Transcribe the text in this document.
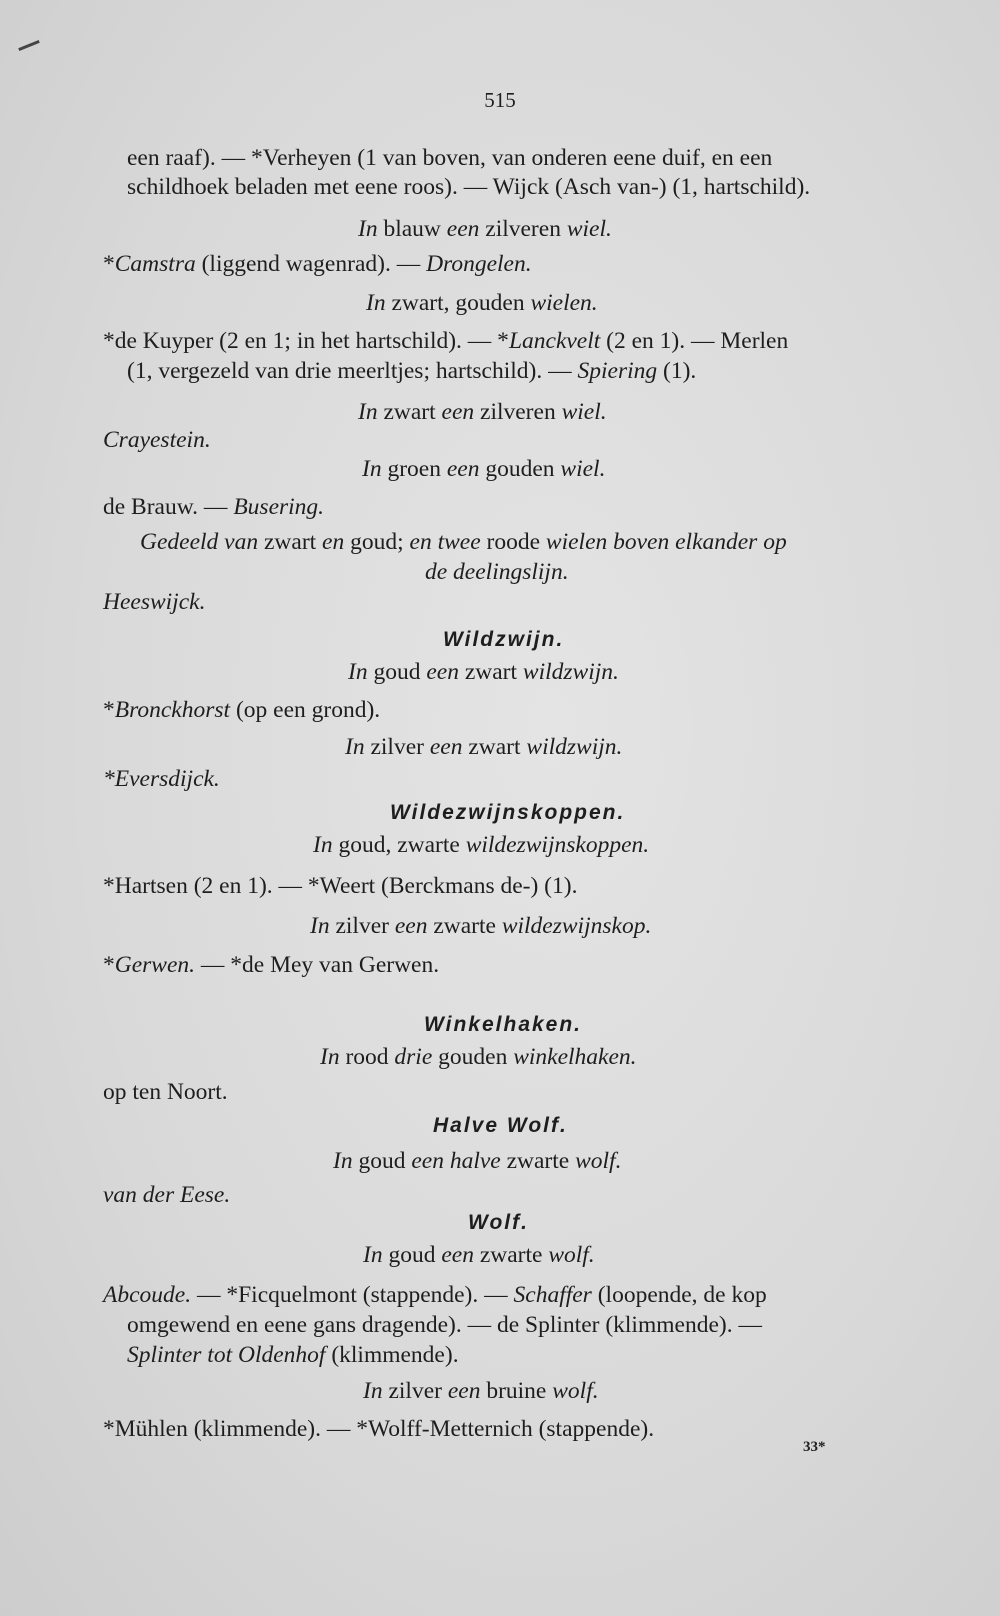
515

een raaf). — *Verheyen (1 van boven, van onderen eene duif, en een

schildhoek beladen met eene roos). — Wijck (Asch van-) (1, hartschild).

In blauw een zilveren wiel.

*Camstra (liggend wagenrad). — Drongelen.

In zwart, gouden wielen.

*de Kuyper (2 en 1; in het hartschild). — *Lanckvelt (2 en 1). — Merlen

(1, vergezeld van drie meerltjes; hartschild). — Spiering (1).

In zwart een zilveren wiel.

Crayestein.

In groen een gouden wiel.

de Brauw. — Busering.

Gedeeld van zwart en goud; en twee roode wielen boven elkander op

de deelingslijn.

Heeswijck.

Wildzwijn.

In goud een zwart wildzwijn.

*Bronckhorst (op een grond).

In zilver een zwart wildzwijn.

*Eversdijck.

Wildezwijnskoppen.

In goud, zwarte wildezwijnskoppen.

*Hartsen (2 en 1). — *Weert (Berckmans de-) (1).

In zilver een zwarte wildezwijnskop.

*Gerwen. — *de Mey van Gerwen.

Winkelhaken.

In rood drie gouden winkelhaken.

op ten Noort.

Halve Wolf.

In goud een halve zwarte wolf.

van der Eese.

Wolf.

In goud een zwarte wolf.

Abcoude. — *Ficquelmont (stappende). — Schaffer (loopende, de kop

omgewend en eene gans dragende). — de Splinter (klimmende). —

Splinter tot Oldenhof (klimmende).

In zilver een bruine wolf.

*Mühlen (klimmende). — *Wolff-Metternich (stappende).

33*
